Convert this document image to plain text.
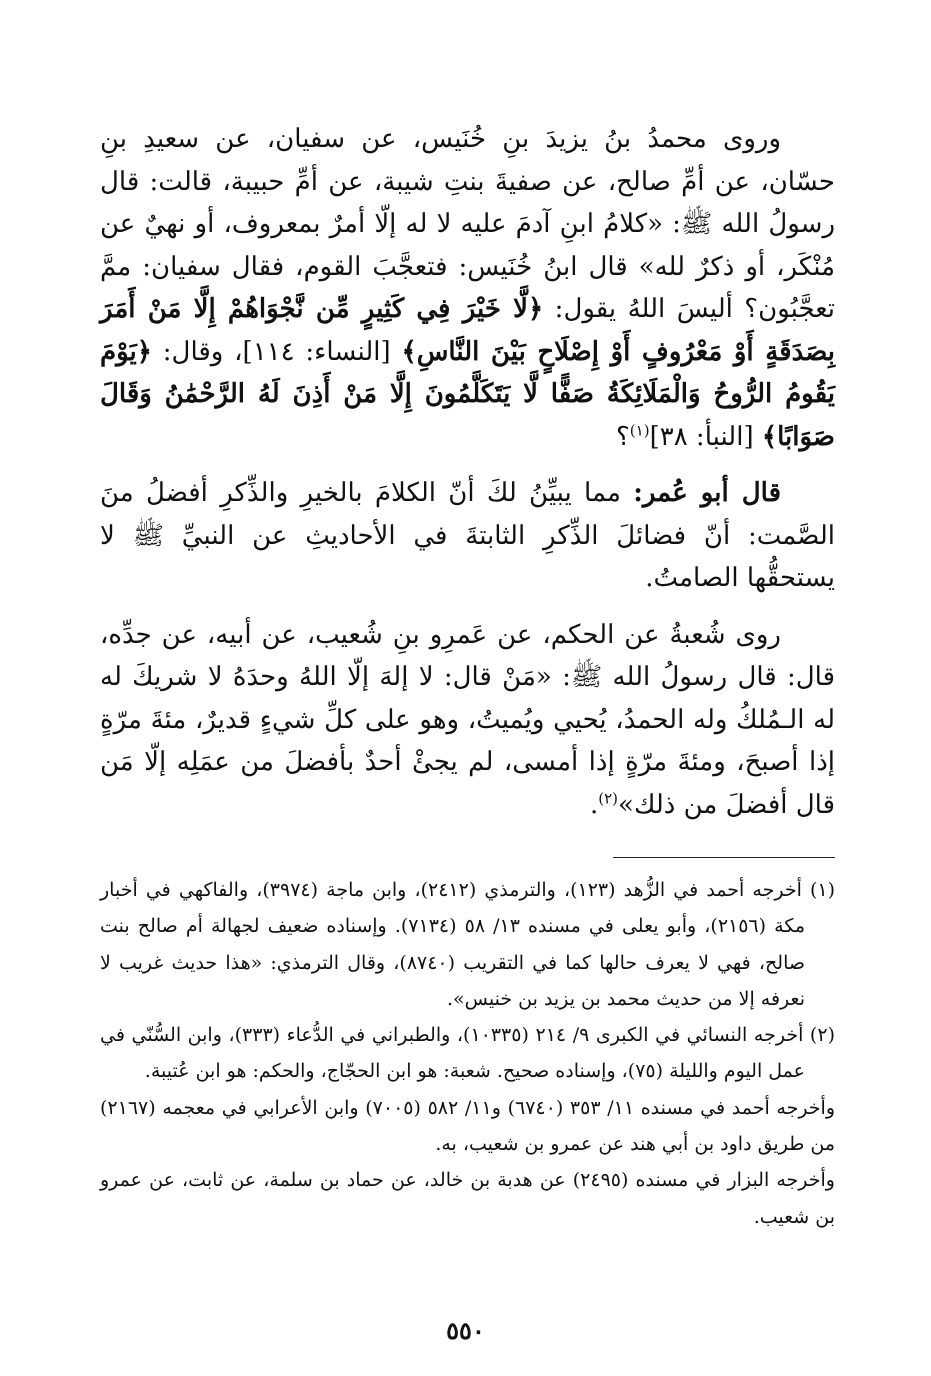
وروى محمدُ بنُ يزيدَ بنِ خُنَيس، عن سفيان، عن سعيدِ بنِ حسّان، عن أمِّ صالح، عن صفيةَ بنتِ شيبة، عن أمِّ حبيبة، قالت: قال رسولُ الله ﷺ: «كلامُ ابنِ آدمَ عليه لا له إلّا أمرٌ بمعروف، أو نهيٌ عن مُنْكَر، أو ذكرٌ لله» قال ابنُ خُنَيس: فتعجَّبَ القوم، فقال سفيان: ممَّ تعجَّبُون؟ أليسَ اللهُ يقول: ﴿لَّا خَيْرَ فِي كَثِيرٍ مِّن نَّجْوَاهُمْ إِلَّا مَنْ أَمَرَ بِصَدَقَةٍ أَوْ مَعْرُوفٍ أَوْ إِصْلَاحٍ بَيْنَ النَّاسِ﴾ [النساء: ١١٤]، وقال: ﴿يَوْمَ يَقُومُ الرُّوحُ وَالْمَلَائِكَةُ صَفًّا لَّا يَتَكَلَّمُونَ إِلَّا مَنْ أَذِنَ لَهُ الرَّحْمَٰنُ وَقَالَ صَوَابًا﴾ [النبأ: ٣٨]$^{(١)}$؟

قال أبو عُمر: مما يبيِّنُ لكَ أنّ الكلامَ بالخيرِ والذِّكرِ أفضلُ منَ الصَّمت: أنّ فضائلَ الذِّكرِ الثابتةَ في الأحاديثِ عن النبيِّ ﷺ لا يستحقُّها الصامتُ.

روى شُعبةُ عن الحكم، عن عَمرِو بنِ شُعيب، عن أبيه، عن جدِّه، قال: قال رسولُ الله ﷺ: «مَنْ قال: لا إلهَ إلّا اللهُ وحدَهُ لا شريكَ له له الـمُلكُ وله الحمدُ، يُحيي ويُميتُ، وهو على كلِّ شيءٍ قديرٌ، مئةَ مرّةٍ إذا أصبحَ، ومئةَ مرّةٍ إذا أمسى، لم يجئْ أحدٌ بأفضلَ من عمَلِه إلّا مَن قال أفضلَ من ذلك»$^{(٢)}$.

(١) أخرجه أحمد في الزُّهد (١٢٣)، والترمذي (٢٤١٢)، وابن ماجة (٣٩٧٤)، والفاكهي في أخبار مكة (٢١٥٦)، وأبو يعلى في مسنده ١٣/ ٥٨ (٧١٣٤). وإسناده ضعيف لجهالة أم صالح بنت صالح، فهي لا يعرف حالها كما في التقريب (٨٧٤٠)، وقال الترمذي: «هذا حديث غريب لا نعرفه إلا من حديث محمد بن يزيد بن خنيس».

(٢) أخرجه النسائي في الكبرى ٩/ ٢١٤ (١٠٣٣٥)، والطبراني في الدُّعاء (٣٣٣)، وابن السُّنّي في عمل اليوم والليلة (٧٥)، وإسناده صحيح. شعبة: هو ابن الحجّاج، والحكم: هو ابن عُتيبة.

وأخرجه أحمد في مسنده ١١/ ٣٥٣ (٦٧٤٠) و١١/ ٥٨٢ (٧٠٠٥) وابن الأعرابي في معجمه (٢١٦٧) من طريق داود بن أبي هند عن عمرو بن شعيب، به.

وأخرجه البزار في مسنده (٢٤٩٥) عن هدبة بن خالد، عن حماد بن سلمة، عن ثابت، عن عمرو بن شعيب.

٥٥٠
